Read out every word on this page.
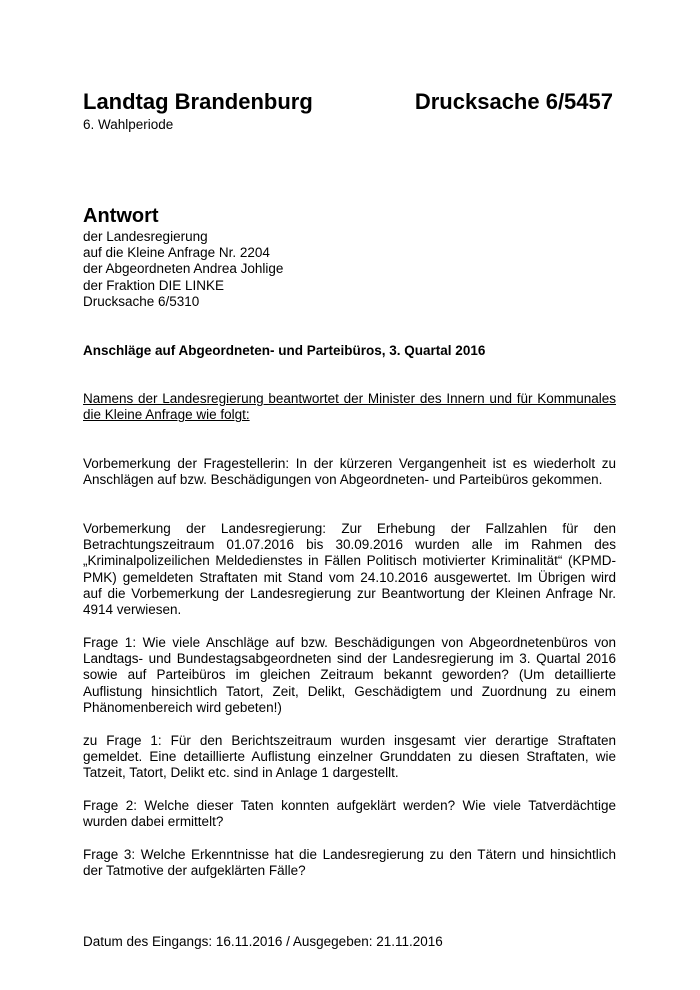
Landtag Brandenburg	Drucksache 6/5457
6. Wahlperiode
Antwort
der Landesregierung
auf die Kleine Anfrage Nr. 2204
der Abgeordneten Andrea Johlige
der Fraktion DIE LINKE
Drucksache 6/5310
Anschläge auf Abgeordneten- und Parteibüros, 3. Quartal 2016
Namens der Landesregierung beantwortet der Minister des Innern und für Kommunales die Kleine Anfrage wie folgt:
Vorbemerkung der Fragestellerin: In der kürzeren Vergangenheit ist es wiederholt zu Anschlägen auf bzw. Beschädigungen von Abgeordneten- und Parteibüros gekommen.
Vorbemerkung der Landesregierung: Zur Erhebung der Fallzahlen für den Betrachtungszeitraum 01.07.2016 bis 30.09.2016 wurden alle im Rahmen des „Kriminalpolizeilichen Meldedienstes in Fällen Politisch motivierter Kriminalität“ (KPMD-PMK) gemeldeten Straftaten mit Stand vom 24.10.2016 ausgewertet. Im Übrigen wird auf die Vorbemerkung der Landesregierung zur Beantwortung der Kleinen Anfrage Nr. 4914 verwiesen.
Frage 1: Wie viele Anschläge auf bzw. Beschädigungen von Abgeordnetenbüros von Landtags- und Bundestagsabgeordneten sind der Landesregierung im 3. Quartal 2016 sowie auf Parteibüros im gleichen Zeitraum bekannt geworden? (Um detaillierte Auflistung hinsichtlich Tatort, Zeit, Delikt, Geschädigtem und Zuordnung zu einem Phänomenbereich wird gebeten!)
zu Frage 1: Für den Berichtszeitraum wurden insgesamt vier derartige Straftaten gemeldet. Eine detaillierte Auflistung einzelner Grunddaten zu diesen Straftaten, wie Tatzeit, Tatort, Delikt etc. sind in Anlage 1 dargestellt.
Frage 2: Welche dieser Taten konnten aufgeklärt werden? Wie viele Tatverdächtige wurden dabei ermittelt?
Frage 3: Welche Erkenntnisse hat die Landesregierung zu den Tätern und hinsichtlich der Tatmotive der aufgeklärten Fälle?
Datum des Eingangs: 16.11.2016 / Ausgegeben: 21.11.2016
